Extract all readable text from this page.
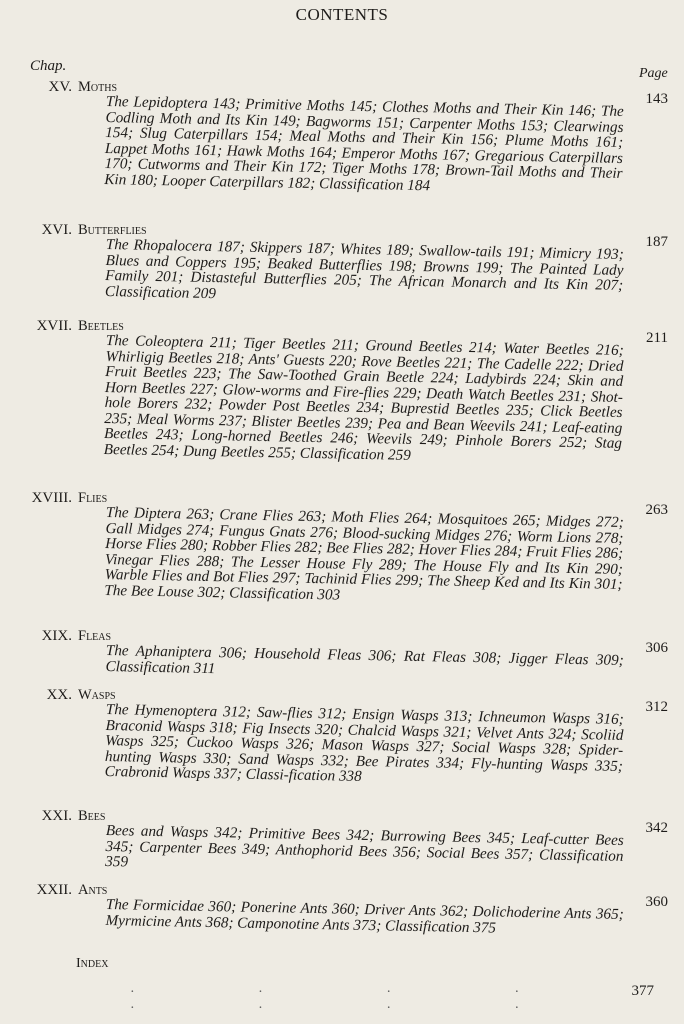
CONTENTS
Chap.	Page
XV. Moths
143

The Lepidoptera 143; Primitive Moths 145; Clothes Moths and Their Kin 146; The Codling Moth and Its Kin 149; Bagworms 151; Carpenter Moths 153; Clearwings 154; Slug Caterpillars 154; Meal Moths and Their Kin 156; Plume Moths 161; Lappet Moths 161; Hawk Moths 164; Emperor Moths 167; Gregarious Caterpillars 170; Cutworms and Their Kin 172; Tiger Moths 178; Brown-Tail Moths and Their Kin 180; Looper Caterpillars 182; Classification 184

XVI. Butterflies
187

The Rhopalocera 187; Skippers 187; Whites 189; Swallow-tails 191; Mimicry 193; Blues and Coppers 195; Beaked Butterflies 198; Browns 199; The Painted Lady Family 201; Distasteful Butterflies 205; The African Monarch and Its Kin 207; Classification 209

XVII. Beetles
211

The Coleoptera 211; Tiger Beetles 211; Ground Beetles 214; Water Beetles 216; Whirligig Beetles 218; Ants' Guests 220; Rove Beetles 221; The Cadelle 222; Dried Fruit Beetles 223; The Saw-Toothed Grain Beetle 224; Ladybirds 224; Skin and Horn Beetles 227; Glow-worms and Fire-flies 229; Death Watch Beetles 231; Shot-hole Borers 232; Powder Post Beetles 234; Buprestid Beetles 235; Click Beetles 235; Meal Worms 237; Blister Beetles 239; Pea and Bean Weevils 241; Leaf-eating Beetles 243; Long-horned Beetles 246; Weevils 249; Pinhole Borers 252; Stag Beetles 254; Dung Beetles 255; Classification 259

XVIII. Flies
263

The Diptera 263; Crane Flies 263; Moth Flies 264; Mosquitoes 265; Midges 272; Gall Midges 274; Fungus Gnats 276; Blood-sucking Midges 276; Worm Lions 278; Horse Flies 280; Robber Flies 282; Bee Flies 282; Hover Flies 284; Fruit Flies 286; Vinegar Flies 288; The Lesser House Fly 289; The House Fly and Its Kin 290; Warble Flies and Bot Flies 297; Tachinid Flies 299; The Sheep Ked and Its Kin 301; The Bee Louse 302; Classification 303

XIX. Fleas
306

The Aphaniptera 306; Household Fleas 306; Rat Fleas 308; Jigger Fleas 309; Classification 311

XX. Wasps
312

The Hymenoptera 312; Saw-flies 312; Ensign Wasps 313; Ichneumon Wasps 316; Braconid Wasps 318; Fig Insects 320; Chalcid Wasps 321; Velvet Ants 324; Scoliid Wasps 325; Cuckoo Wasps 326; Mason Wasps 327; Social Wasps 328; Spider-hunting Wasps 330; Sand Wasps 332; Bee Pirates 334; Fly-hunting Wasps 335; Crabronid Wasps 337; Classi-fication 338

XXI. Bees
342

Bees and Wasps 342; Primitive Bees 342; Burrowing Bees 345; Leaf-cutter Bees 345; Carpenter Bees 349; Anthophorid Bees 356; Social Bees 357; Classification 359

XXII. Ants
360

The Formicidae 360; Ponerine Ants 360; Driver Ants 362; Dolichoderine Ants 365; Myrmicine Ants 368; Camponotine Ants 373; Classification 375

Index
· · · · · · · ·
377
